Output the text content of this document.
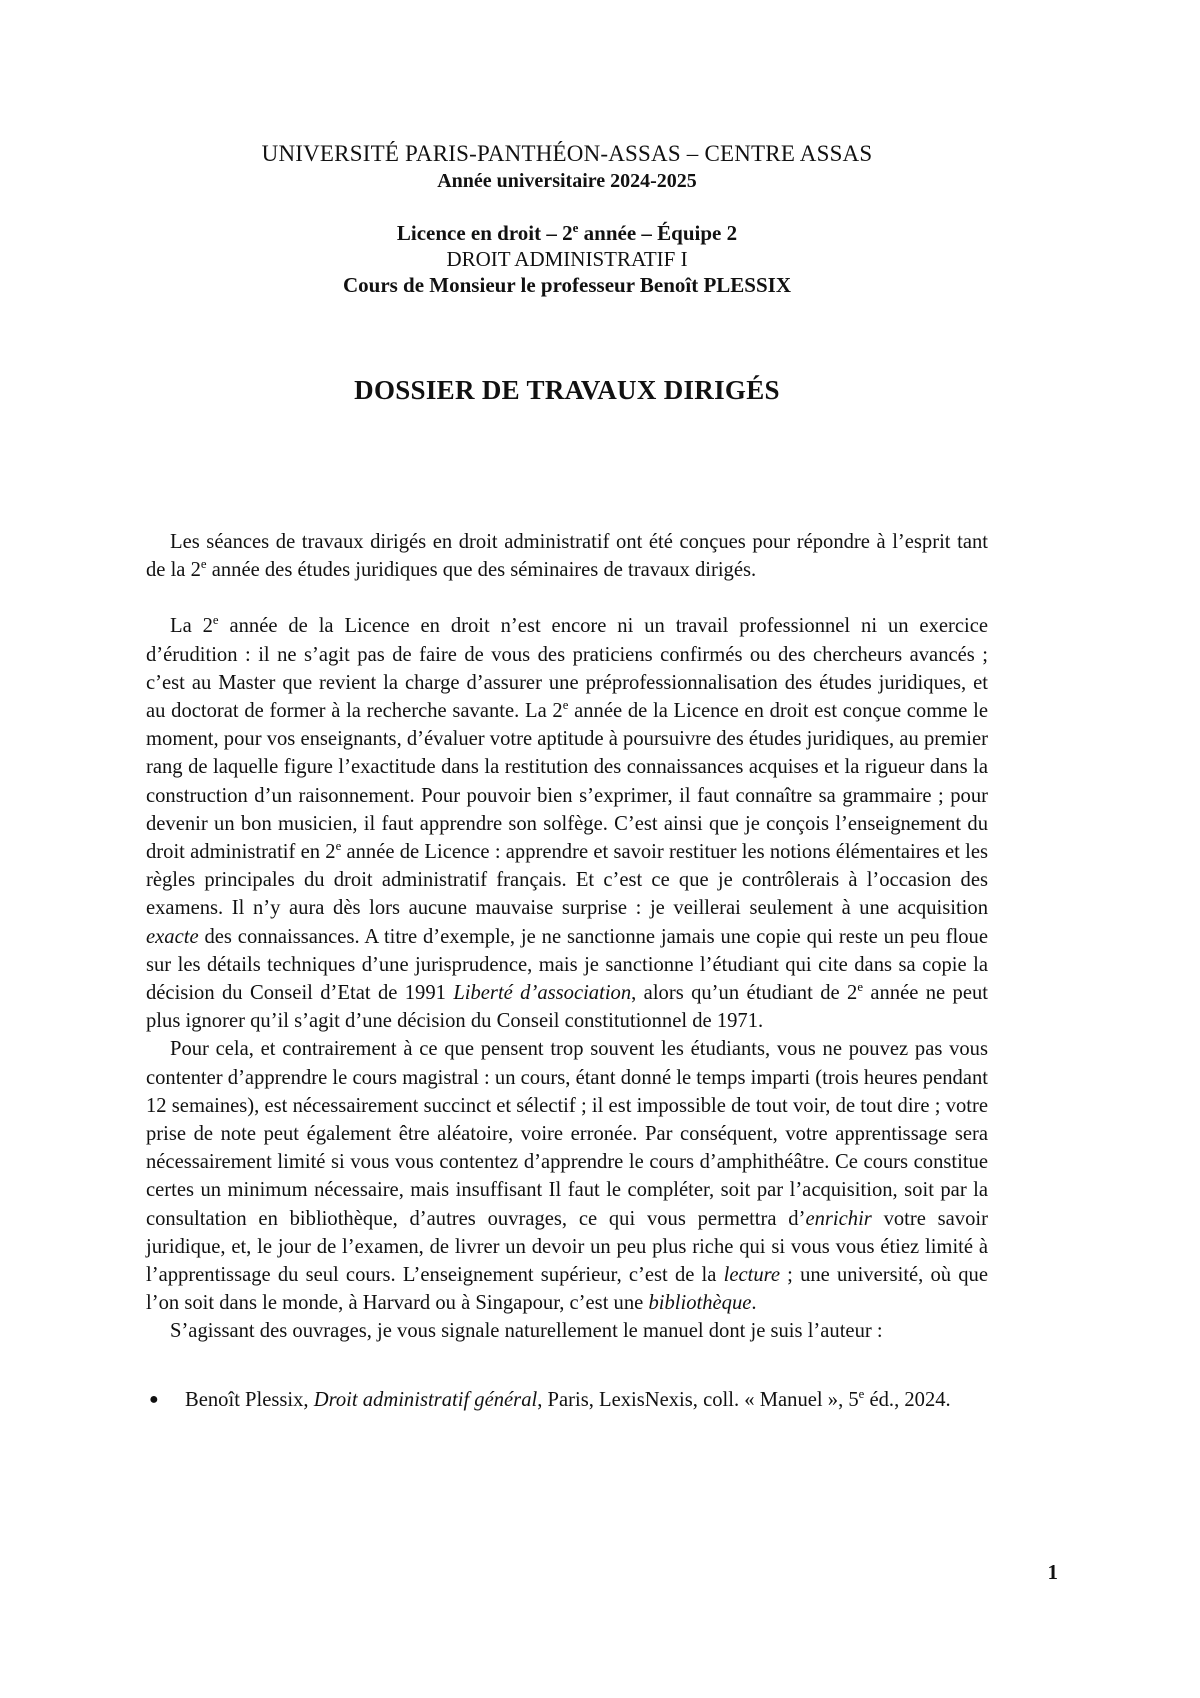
UNIVERSITÉ PARIS-PANTHÉON-ASSAS – CENTRE ASSAS
Année universitaire 2024-2025
Licence en droit – 2e année – Équipe 2
DROIT ADMINISTRATIF I
Cours de Monsieur le professeur Benoît PLESSIX
DOSSIER DE TRAVAUX DIRIGÉS

Les séances de travaux dirigés en droit administratif ont été conçues pour répondre à l’esprit tant de la 2e année des études juridiques que des séminaires de travaux dirigés.

La 2e année de la Licence en droit n’est encore ni un travail professionnel ni un exercice d’érudition : il ne s’agit pas de faire de vous des praticiens confirmés ou des chercheurs avancés ; c’est au Master que revient la charge d’assurer une préprofessionnalisation des études juridiques, et au doctorat de former à la recherche savante. La 2e année de la Licence en droit est conçue comme le moment, pour vos enseignants, d’évaluer votre aptitude à poursuivre des études juridiques, au premier rang de laquelle figure l’exactitude dans la restitution des connaissances acquises et la rigueur dans la construction d’un raisonnement. Pour pouvoir bien s’exprimer, il faut connaître sa grammaire ; pour devenir un bon musicien, il faut apprendre son solfège. C’est ainsi que je conçois l’enseignement du droit administratif en 2e année de Licence : apprendre et savoir restituer les notions élémentaires et les règles principales du droit administratif français. Et c’est ce que je contrôlerais à l’occasion des examens. Il n’y aura dès lors aucune mauvaise surprise : je veillerai seulement à une acquisition exacte des connaissances. A titre d’exemple, je ne sanctionne jamais une copie qui reste un peu floue sur les détails techniques d’une jurisprudence, mais je sanctionne l’étudiant qui cite dans sa copie la décision du Conseil d’Etat de 1991 Liberté d’association, alors qu’un étudiant de 2e année ne peut plus ignorer qu’il s’agit d’une décision du Conseil constitutionnel de 1971.

Pour cela, et contrairement à ce que pensent trop souvent les étudiants, vous ne pouvez pas vous contenter d’apprendre le cours magistral : un cours, étant donné le temps imparti (trois heures pendant 12 semaines), est nécessairement succinct et sélectif ; il est impossible de tout voir, de tout dire ; votre prise de note peut également être aléatoire, voire erronée. Par conséquent, votre apprentissage sera nécessairement limité si vous vous contentez d’apprendre le cours d’amphithéâtre. Ce cours constitue certes un minimum nécessaire, mais insuffisant Il faut le compléter, soit par l’acquisition, soit par la consultation en bibliothèque, d’autres ouvrages, ce qui vous permettra d’enrichir votre savoir juridique, et, le jour de l’examen, de livrer un devoir un peu plus riche qui si vous vous étiez limité à l’apprentissage du seul cours. L’enseignement supérieur, c’est de la lecture ; une université, où que l’on soit dans le monde, à Harvard ou à Singapour, c’est une bibliothèque.

S’agissant des ouvrages, je vous signale naturellement le manuel dont je suis l’auteur :

● Benoît Plessix, Droit administratif général, Paris, LexisNexis, coll. « Manuel », 5e éd., 2024.
1
